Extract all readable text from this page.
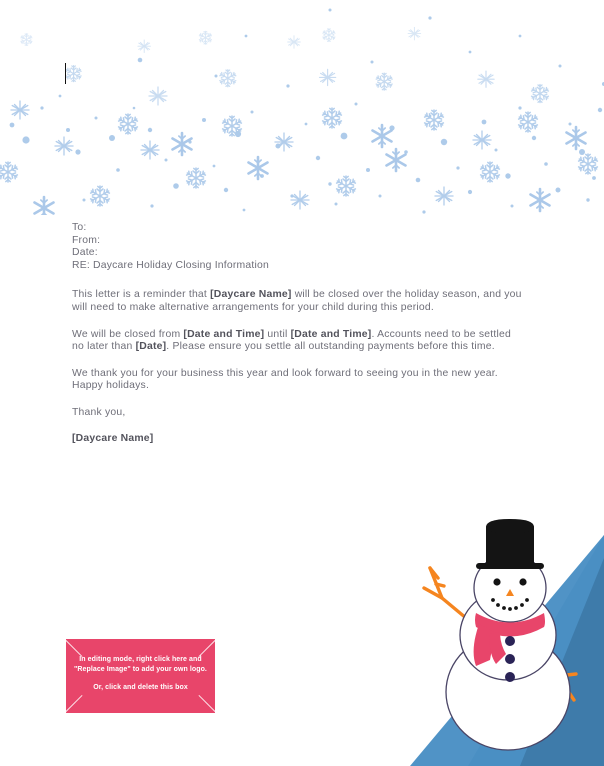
To:
From:
Date:
RE: Daycare Holiday Closing Information

This letter is a reminder that [Daycare Name] will be closed over the holiday season, and you will need to make alternative arrangements for your child during this period.

We will be closed from [Date and Time] until [Date and Time]. Accounts need to be settled no later than [Date]. Please ensure you settle all outstanding payments before this time.

We thank you for your business this year and look forward to seeing you in the new year. Happy holidays.

Thank you,

[Daycare Name]

In editing mode, right click here and "Replace Image" to add your own logo.
Or, click and delete this box
